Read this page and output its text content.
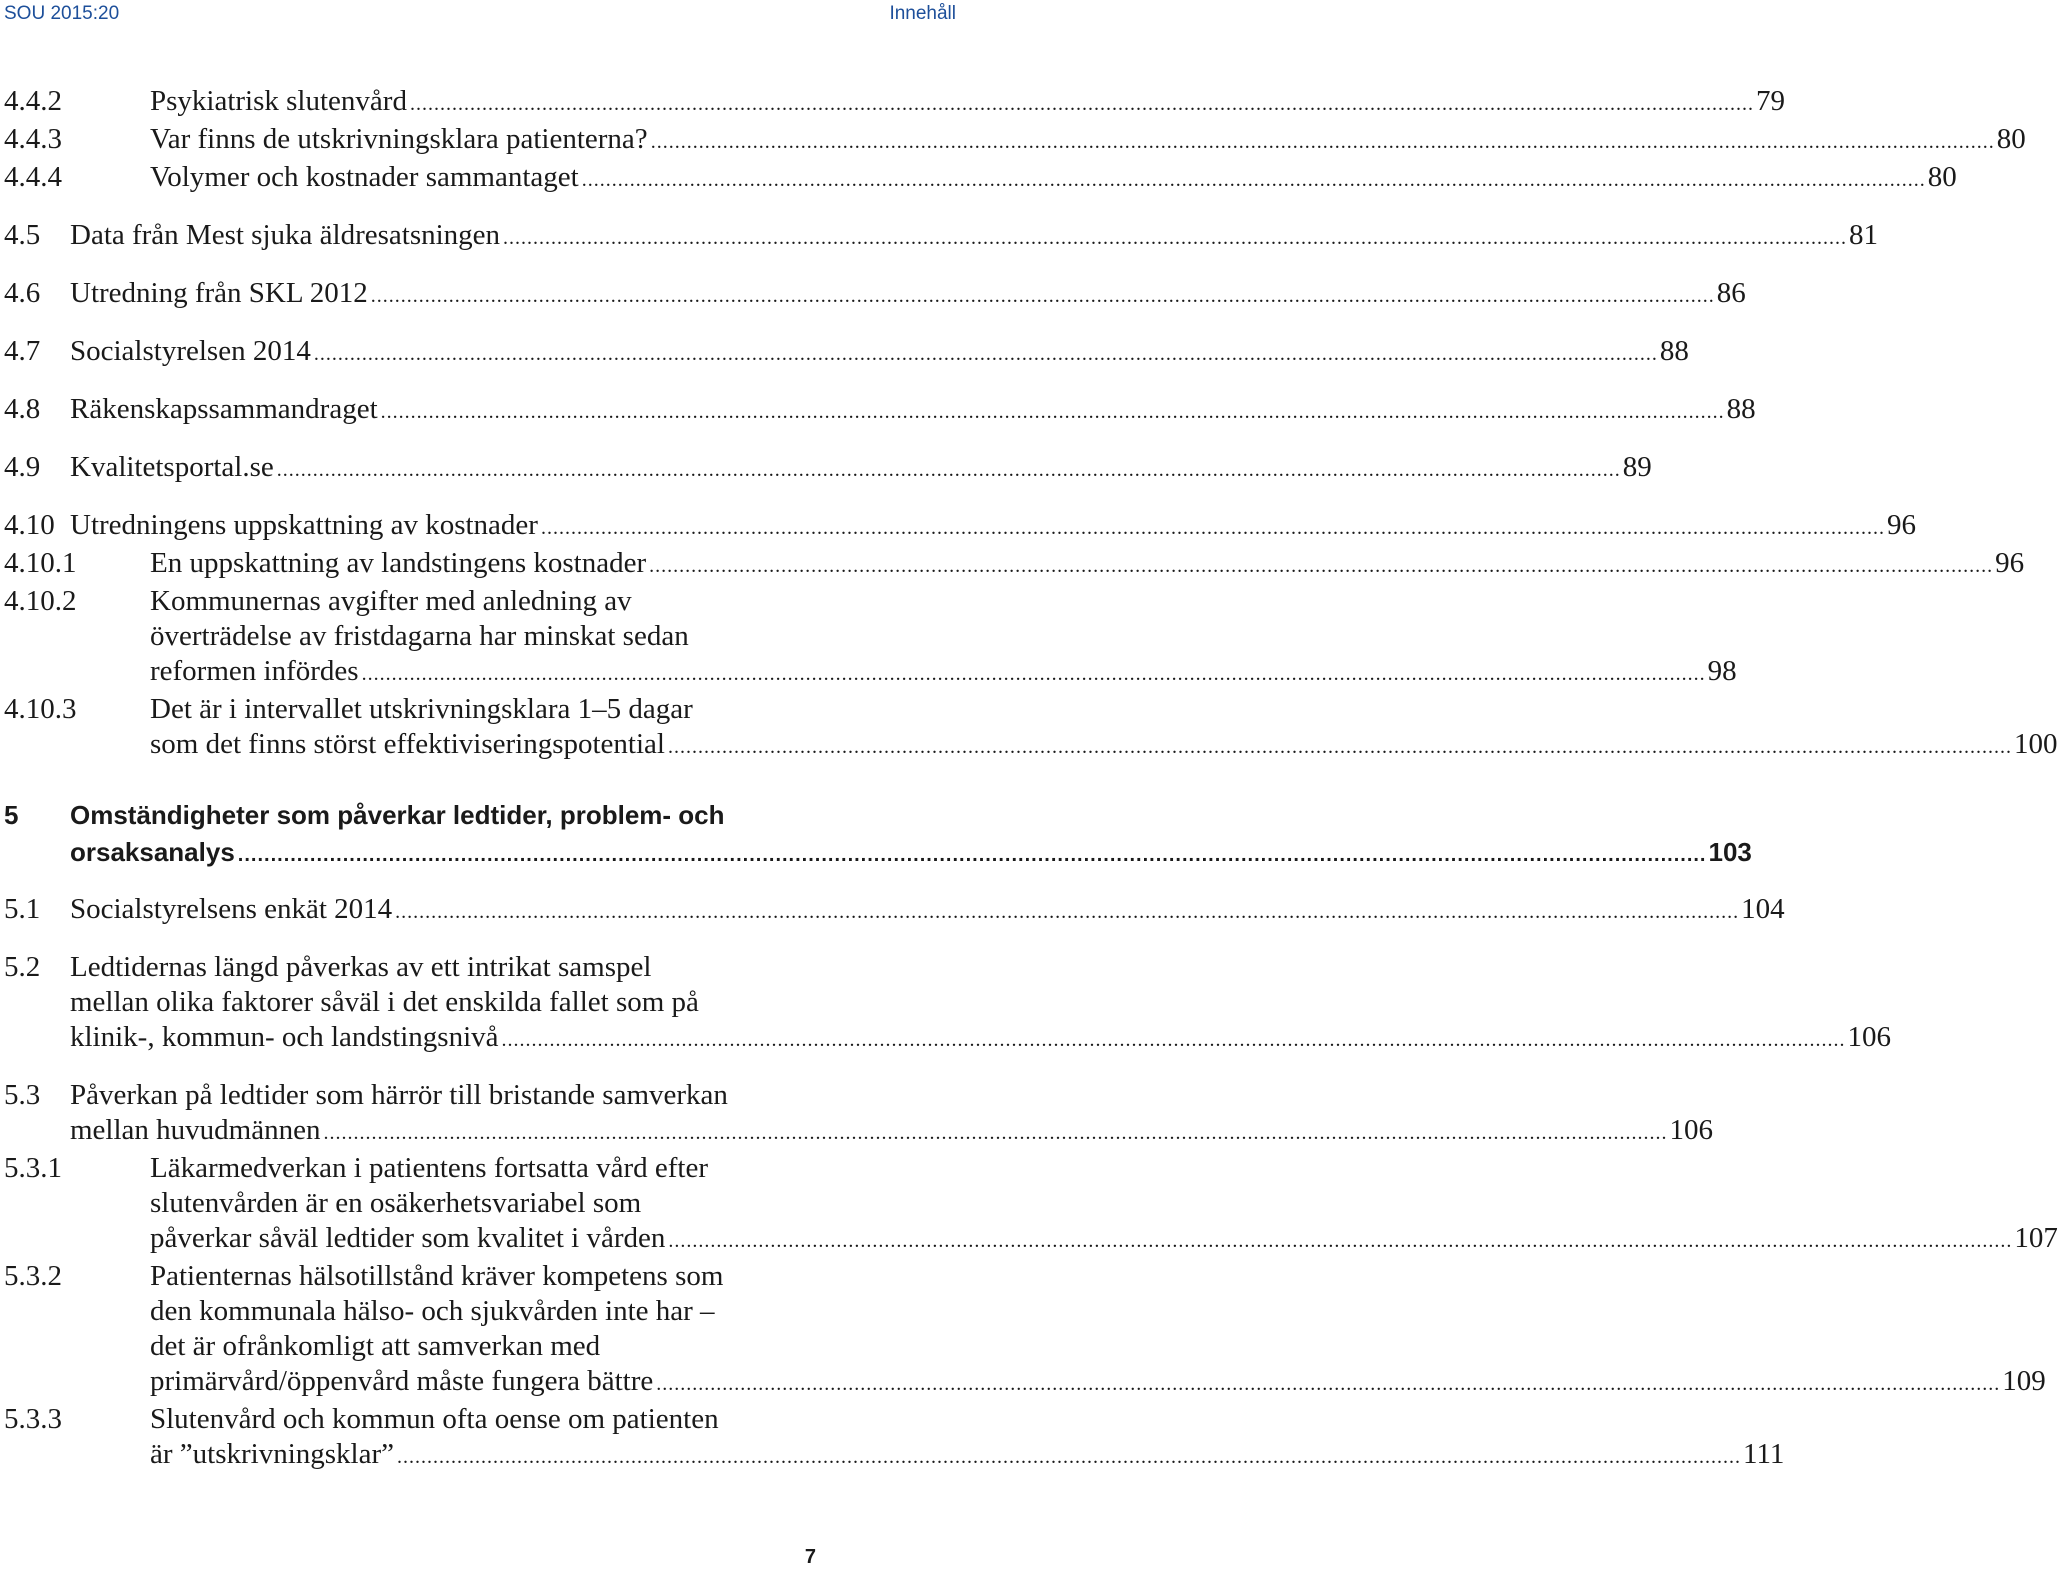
SOU 2015:20	Innehåll
4.4.2	Psykiatrisk slutenvård .....	79
4.4.3	Var finns de utskrivningsklara patienterna? .....	80
4.4.4	Volymer och kostnader sammantaget .....	80
4.5	Data från Mest sjuka äldresatsningen .....	81
4.6	Utredning från SKL 2012 .....	86
4.7	Socialstyrelsen 2014 .....	88
4.8	Räkenskapssammandraget .....	88
4.9	Kvalitetsportal.se .....	89
4.10 Utredningens uppskattning av kostnader .....	96
4.10.1	En uppskattning av landstingens kostnader .....	96
4.10.2	Kommunernas avgifter med anledning av
överträdelse av fristdagarna har minskat sedan
reformen infördes .....	98
4.10.3	Det är i intervallet utskrivningsklara 1–5 dagar
som det finns störst effektiviseringspotential .....	100
5	Omständigheter som påverkar ledtider, problem- och
orsaksanalys .....	103
5.1	Socialstyrelsens enkät 2014 .....	104
5.2	Ledtidernas längd påverkas av ett intrikat samspel
mellan olika faktorer såväl i det enskilda fallet som på
klinik-, kommun- och landstingsnivå .....	106
5.3	Påverkan på ledtider som härrör till bristande samverkan
mellan huvudmännen .....	106
5.3.1	Läkarmedverkan i patientens fortsatta vård efter
slutenvården är en osäkerhetsvariabel som
påverkar såväl ledtider som kvalitet i vården .....	107
5.3.2	Patienternas hälsotillstånd kräver kompetens som
den kommunala hälso- och sjukvården inte har –
det är ofrånkomligt att samverkan med
primärvård/öppenvård måste fungera bättre .....	109
5.3.3	Slutenvård och kommun ofta oense om patienten
är ”utskrivningsklar” .....	111
7
